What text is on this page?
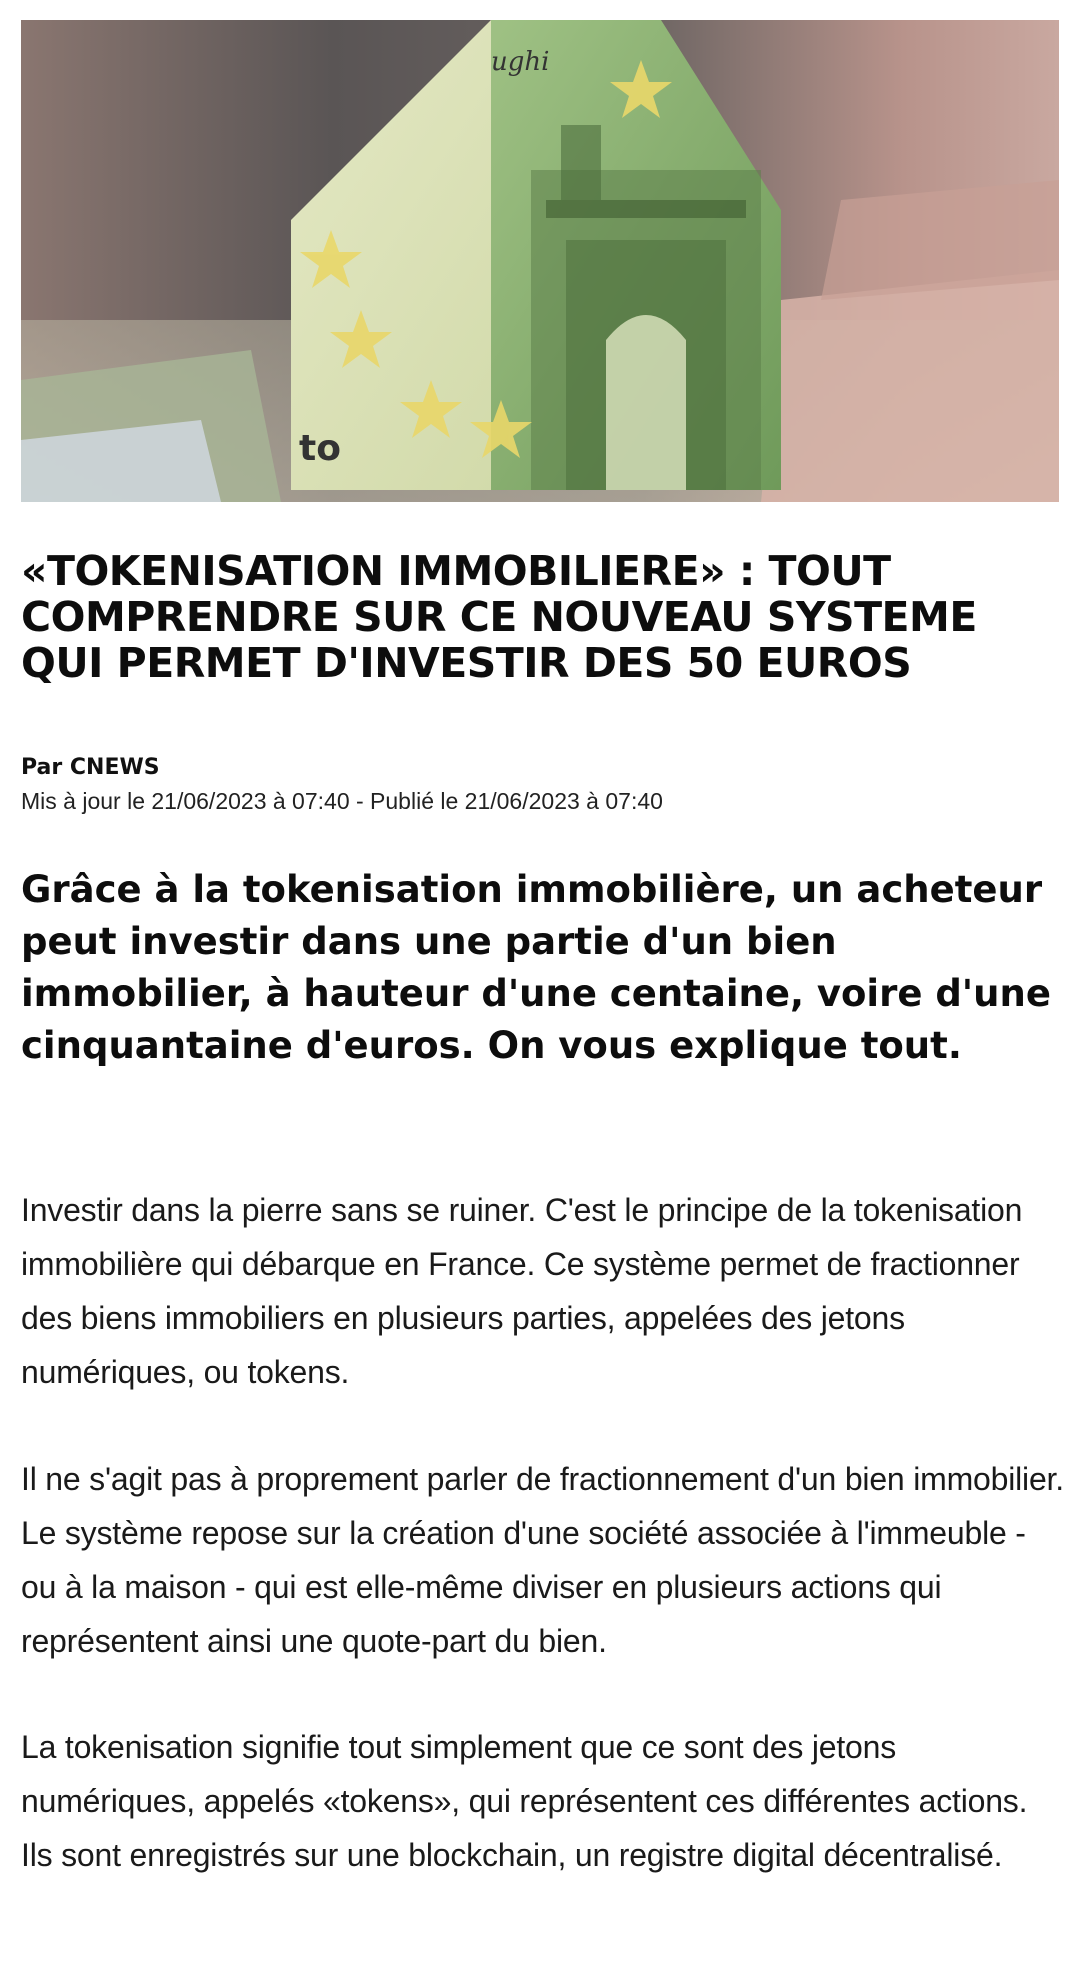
to
ughi
«TOKENISATION IMMOBILIERE» : TOUT COMPRENDRE SUR CE NOUVEAU SYSTEME QUI PERMET D'INVESTIR DES 50 EUROS

Par CNEWS

Mis à jour le 21/06/2023 à 07:40 - Publié le 21/06/2023 à 07:40

Grâce à la tokenisation immobilière, un acheteur peut investir dans une partie d'un bien immobilier, à hauteur d'une centaine, voire d'une cinquantaine d'euros. On vous explique tout.

Investir dans la pierre sans se ruiner. C'est le principe de la tokenisation immobilière qui débarque en France. Ce système permet de fractionner des biens immobiliers en plusieurs parties, appelées des jetons numériques, ou tokens.

Il ne s'agit pas à proprement parler de fractionnement d'un bien immobilier. Le système repose sur la création d'une société associée à l'immeuble - ou à la maison - qui est elle-même diviser en plusieurs actions qui représentent ainsi une quote-part du bien.

La tokenisation signifie tout simplement que ce sont des jetons numériques, appelés «tokens», qui représentent ces différentes actions. Ils sont enregistrés sur une blockchain, un registre digital décentralisé.
